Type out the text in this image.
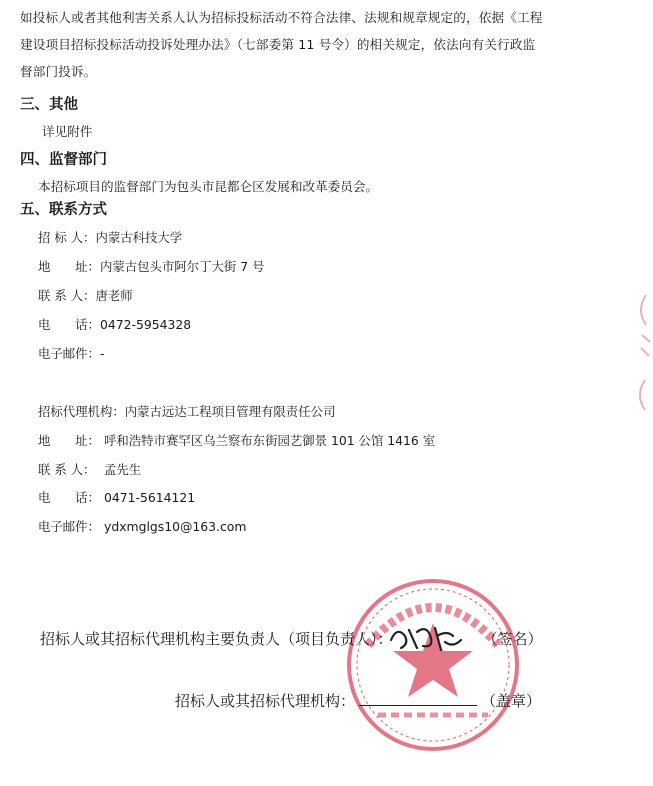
如投标人或者其他利害关系人认为招标投标活动不符合法律、法规和规章规定的，依据《工程

建设项目招标投标活动投诉处理办法》（七部委第 11 号令）的相关规定，依法向有关行政监

督部门投诉。

三、其他
详见附件
四、监督部门
本招标项目的监督部门为包头市昆都仑区发展和改革委员会。
五、联系方式
招 标 人：内蒙古科技大学
地　　址：内蒙古包头市阿尔丁大街 7 号
联 系 人：唐老师
电　　话：0472-5954328
电子邮件：-
招标代理机构：内蒙古远达工程项目管理有限责任公司
地　　址： 呼和浩特市赛罕区乌兰察布东街园艺御景 101 公馆 1416 室
联 系 人： 孟先生
电　　话： 0471-5614121
电子邮件： ydxmglgs10@163.com
招标人或其招标代理机构主要负责人（项目负责人）：	（签名）
招标人或其招标代理机构：	（盖章）
